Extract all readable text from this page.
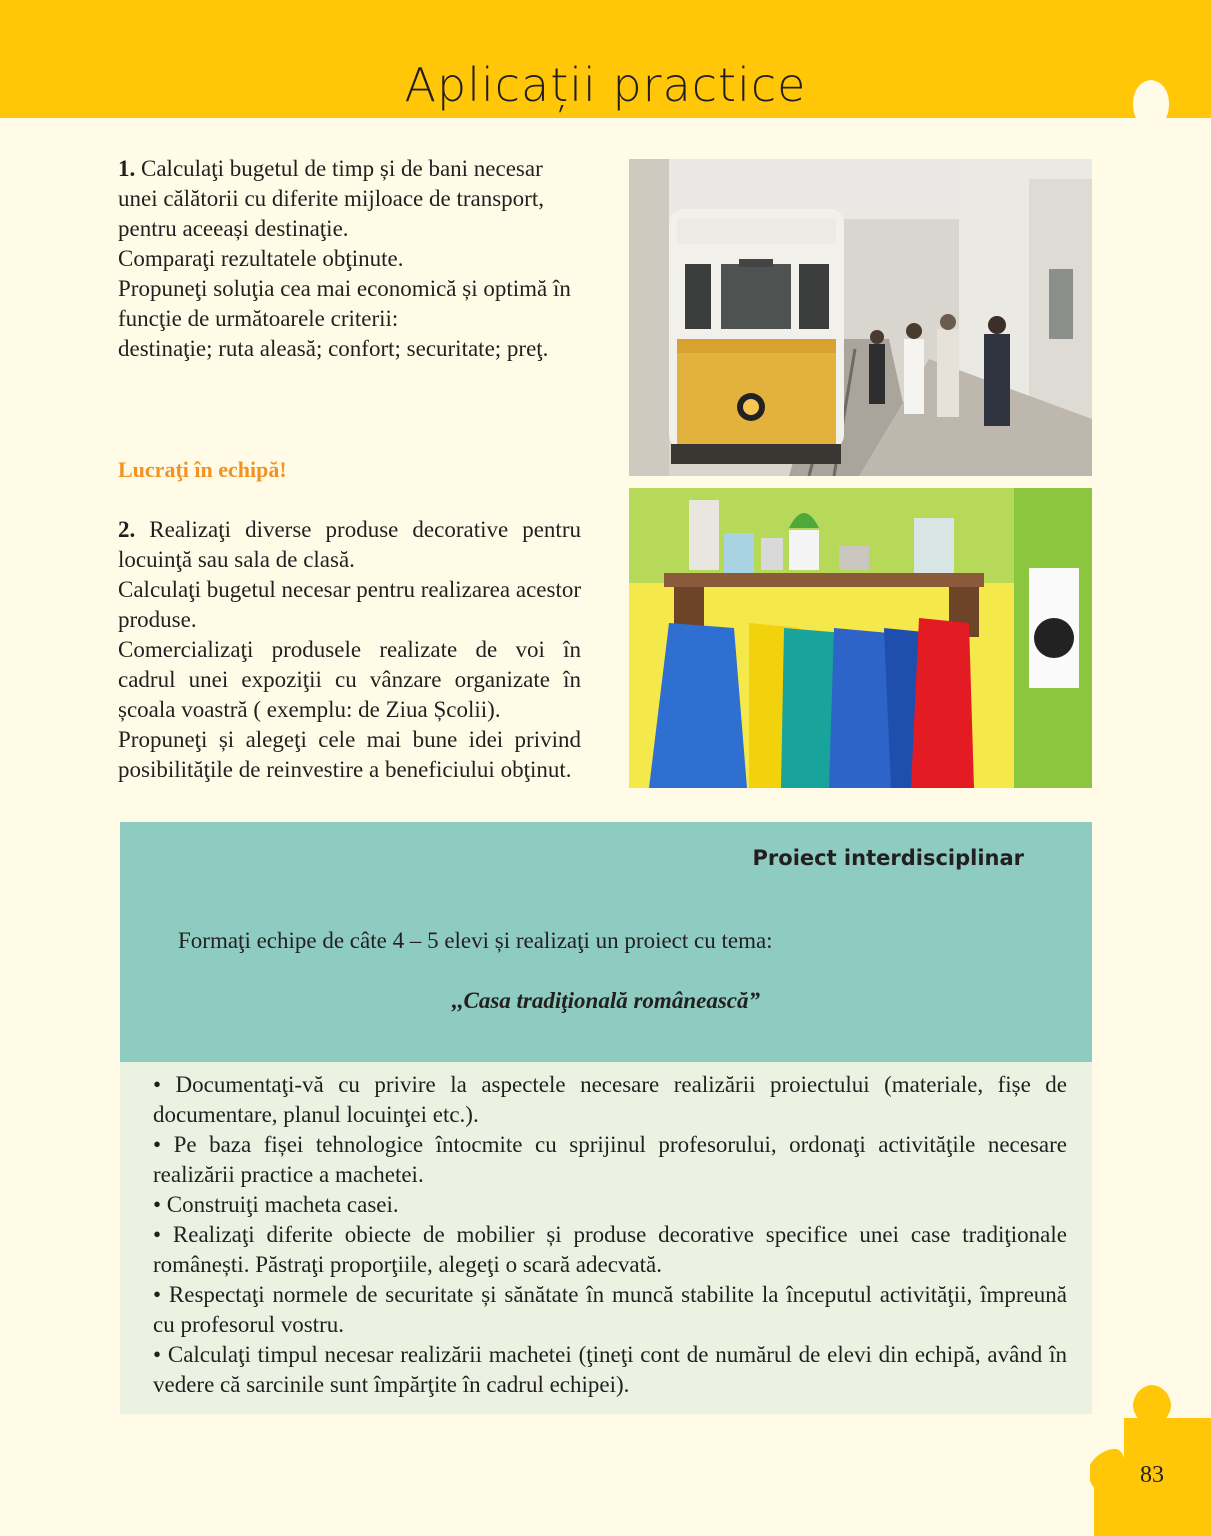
Aplicații practice

1. Calculaţi bugetul de timp și de bani necesar unei călătorii cu diferite mijloace de transport, pentru aceeași destinaţie.

Comparaţi rezultatele obţinute.

Propuneţi soluţia cea mai economică și optimă în funcţie de următoarele criterii:

destinaţie; ruta aleasă; confort; securitate; preţ.

Lucraţi în echipă!

2. Realizaţi diverse produse decorative pentru locuinţă sau sala de clasă.

Calculaţi bugetul necesar pentru realizarea acestor produse.

Comercializaţi produsele realizate de voi în cadrul unei expoziţii cu vânzare organizate în școala voastră ( exemplu: de Ziua Școlii).

Propuneţi și alegeţi cele mai bune idei privind posibilităţile de reinvestire a beneficiului obţinut.

Proiect interdisciplinar
Formaţi echipe de câte 4 – 5 elevi și realizaţi un proiect cu tema:
,,Casa tradiţională românească”
• Documentaţi-vă cu privire la aspectele necesare realizării proiectului (materiale, fișe de documentare, planul locuinţei etc.).
• Pe baza fișei tehnologice întocmite cu sprijinul profesorului, ordonaţi activităţile necesare realizării practice a machetei.
• Construiţi macheta casei.
• Realizaţi diferite obiecte de mobilier și produse decorative specifice unei case tradiţionale românești. Păstraţi proporţiile, alegeţi o scară adecvată.
• Respectaţi normele de securitate și sănătate în muncă stabilite la începutul activităţii, împreună cu profesorul vostru.
• Calculaţi timpul necesar realizării machetei (ţineţi cont de numărul de elevi din echipă, având în vedere că sarcinile sunt împărţite în cadrul echipei).
83
